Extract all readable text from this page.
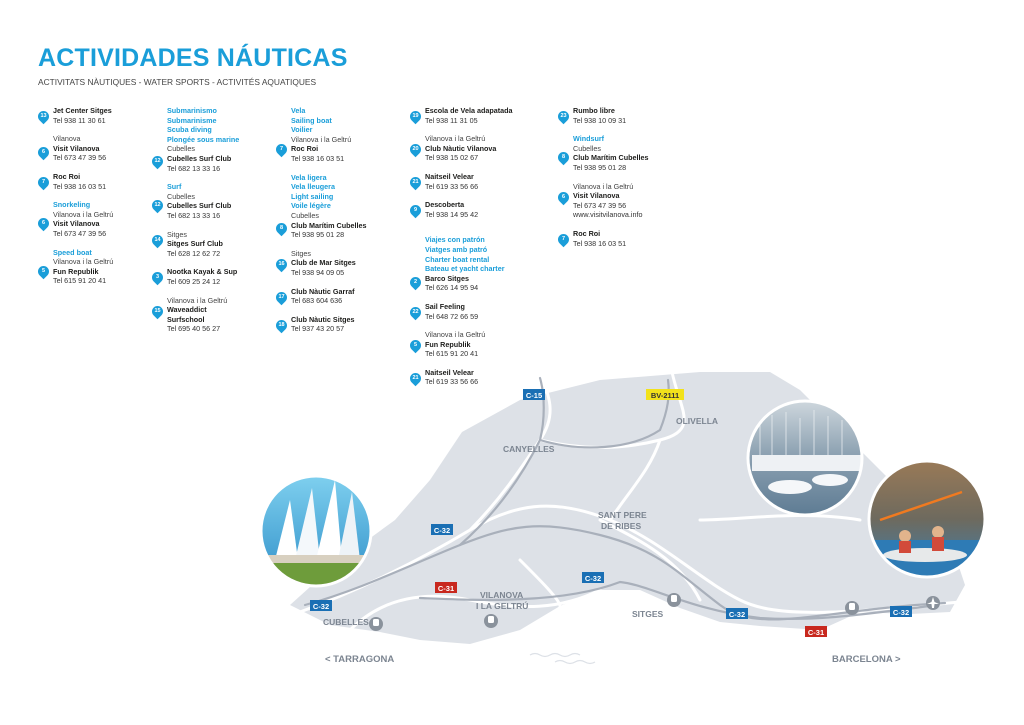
ACTIVIDADES NÁUTICAS
ACTIVITATS NÀUTIQUES - WATER SPORTS - ACTIVITÉS AQUATIQUES
13
Jet Center Sitges
Tel 938 11 30 61
6
Vilanova
Visit Vilanova
Tel 673 47 39 56
7
Roc Roi
Tel 938 16 03 51
Snorkeling
6
Vilanova i la Geltrú
Visit Vilanova
Tel 673 47 39 56
Speed boat
5
Vilanova i la Geltrú
Fun Republik
Tel 615 91 20 41
Submarinismo
Submarinisme
Scuba diving
Plongée sous marine
12
Cubelles
Cubelles Surf Club
Tel 682 13 33 16
Surf
12
Cubelles
Cubelles Surf Club
Tel 682 13 33 16
14
Sitges
Sitges Surf Club
Tel 628 12 62 72
3
Nootka Kayak & Sup
Tel 609 25 24 12
15
Vilanova i la Geltrú
Waveaddict
Surfschool
Tel 695 40 56 27
Vela
Sailing boat
Voilier
7
Vilanova i la Geltrú
Roc Roi
Tel 938 16 03 51
Vela ligera
Vela lleugera
Light sailing
Voile légère
8
Cubelles
Club Marítim Cubelles
Tel 938 95 01 28
16
Sitges
Club de Mar Sitges
Tel 938 94 09 05
17
Club Nàutic Garraf
Tel 683 604 636
18
Club Nàutic Sitges
Tel 937 43 20 57
19
Escola de Vela adapatada
Tel 938 11 31 05
20
Vilanova i la Geltrú
Club Nàutic Vilanova
Tel 938 15 02 67
21
Naitseil Velear
Tel 619 33 56 66
9
Descoberta
Tel 938 14 95 42
Viajes con patrón
Viatges amb patró
Charter boat rental
Bateau et yacht charter
2	Barco Sitges
Tel 626 14 95 94
22
Sail Feeling
Tel 648 72 66 59
5
Vilanova i la Geltrú
Fun Republik
Tel 615 91 20 41
21
Naitseil Velear
Tel 619 33 56 66
23
Rumbo libre
Tel 938 10 09 31
Windsurf
8
Cubelles
Club Marítim Cubelles
Tel 938 95 01 28
6
Vilanova i la Geltrú
Visit Vilanova
Tel 673 47 39 56
www.visitvilanova.info
7
Roc Roi
Tel 938 16 03 51
C-15	BV-2111
C-32
C-32
C-32
C-32	C-32
C-31
C-31
OLIVELLA
CANYELLES
SANT PERE
DE RIBES
VILANOVA
I LA GELTRÚ
CUBELLES
SITGES
< TARRAGONA	BARCELONA >
